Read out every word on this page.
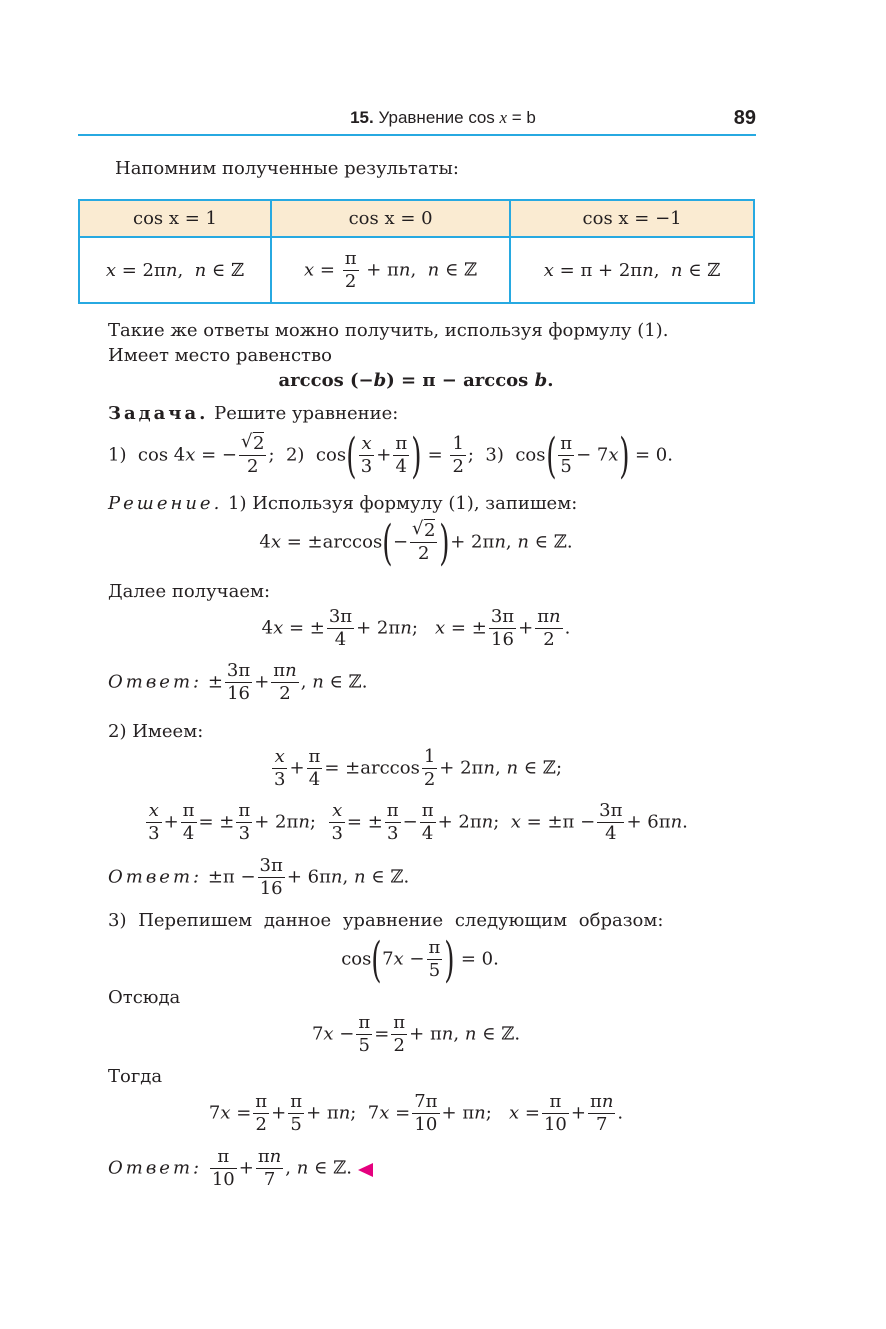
15. Уравнение cos x = b	89
Напомним полученные результаты:
cos x = 1	cos x = 0	cos x = −1
x = 2πn,  n ∈ ℤ	$x = \frac{\pi}{2} + \pi n$,  n ∈ ℤ	x = π + 2πn,  n ∈ ℤ
Такие же ответы можно получить, используя формулу (1).
Имеет место равенство
arccos (−b) = π − arccos b.
Задача. Решите уравнение:
1)  cos 4x = − √ $\frac{2}{2}$ ;  2)  $\cos( \frac{x}{3} + \frac{\pi}{4}$ ) = $\frac{1}{2}$ ;  3)  $\cos( \frac{\pi}{5} - 7x) = 0$.
Решение. 1) Используя формулу (1), запишем:
4x = ±arccos(− √ $\frac{2}{2}$ )+ 2πn, n ∈ ℤ.
Далее получаем:
4x = ± $\frac{3\pi}{4} + 2\pi n$;   x = ± $\frac{3\pi}{16} + \frac{\pi n}{2}$ .
Ответ: ± $\frac{3\pi}{16} + \frac{\pi n}{2}$ , n ∈ ℤ.
2) Имеем:
$\frac{x}{3} + \frac{\pi}{4} = \pm\arccos \frac{1}{2} + 2\pi n$, n ∈ ℤ;
$\frac{x}{3} + \frac{\pi}{4}$ = ± $\frac{\pi}{3} + 2\pi n$; $\frac{x}{3}$ = ± $\frac{\pi}{3} - \frac{\pi}{4} + 2\pi n$;  $x = \pm\pi - \frac{3\pi}{4} + 6\pi n$.
Ответ: $\pm\pi - \frac{3\pi}{16} + 6\pi n$, n ∈ ℤ.
3) Перепишем данное уравнение следующим образом:
$\cos(7x - \frac{\pi}{5}$ ) = 0.
Отсюда
$7x - \frac{\pi}{5} = \frac{\pi}{2} + \pi n$, n ∈ ℤ.
Тогда
$7x = \frac{\pi}{2} + \frac{\pi}{5} + \pi n$;  $7x = \frac{7\pi}{10} + \pi n$;   $x = \frac{\pi}{10} + \frac{\pi n}{7}$ .
Ответ: $\frac{\pi}{10} + \frac{\pi n}{7}$ , n ∈ ℤ.
